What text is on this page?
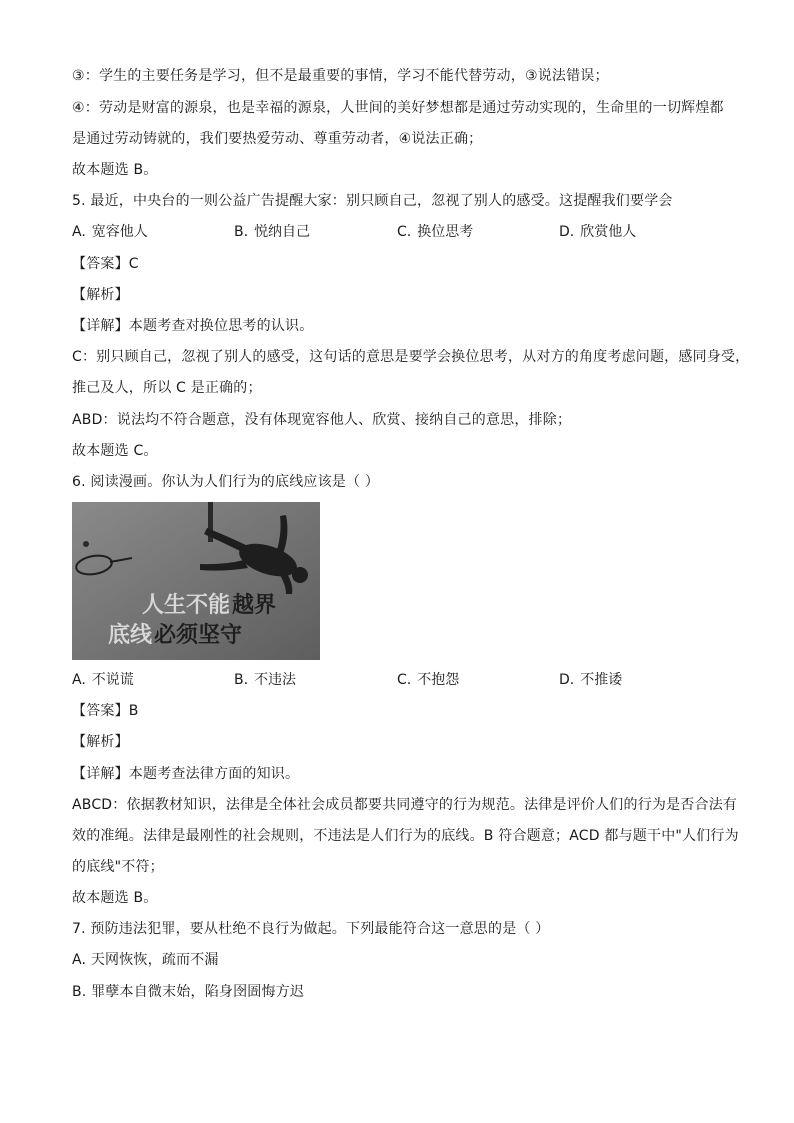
③：学生的主要任务是学习，但不是最重要的事情，学习不能代替劳动，③说法错误；
④：劳动是财富的源泉，也是幸福的源泉，人世间的美好梦想都是通过劳动实现的，生命里的一切辉煌都
是通过劳动铸就的，我们要热爱劳动、尊重劳动者，④说法正确；
故本题选 B。
5. 最近，中央台的一则公益广告提醒大家：别只顾自己，忽视了别人的感受。这提醒我们要学会
A. 宽容他人	B. 悦纳自己	C. 换位思考	D. 欣赏他人
【答案】C
【解析】
【详解】本题考查对换位思考的认识。
C：别只顾自己，忽视了别人的感受，这句话的意思是要学会换位思考，从对方的角度考虑问题，感同身受，
推己及人，所以 C 是正确的；
ABD：说法均不符合题意，没有体现宽容他人、欣赏、接纳自己的意思，排除；
故本题选 C。
6. 阅读漫画。你认为人们行为的底线应该是（ ）
人生不能 越界
必须坚守
底线
A. 不说谎	B. 不违法	C. 不抱怨	D. 不推诿
【答案】B
【解析】
【详解】本题考查法律方面的知识。
ABCD：依据教材知识，法律是全体社会成员都要共同遵守的行为规范。法律是评价人们的行为是否合法有
效的准绳。法律是最刚性的社会规则，不违法是人们行为的底线。B 符合题意；ACD 都与题干中"人们行为
的底线"不符；
故本题选 B。
7. 预防违法犯罪，要从杜绝不良行为做起。下列最能符合这一意思的是（ ）
A. 天网恢恢，疏而不漏
B. 罪孽本自微末始，陷身囹圄悔方迟
